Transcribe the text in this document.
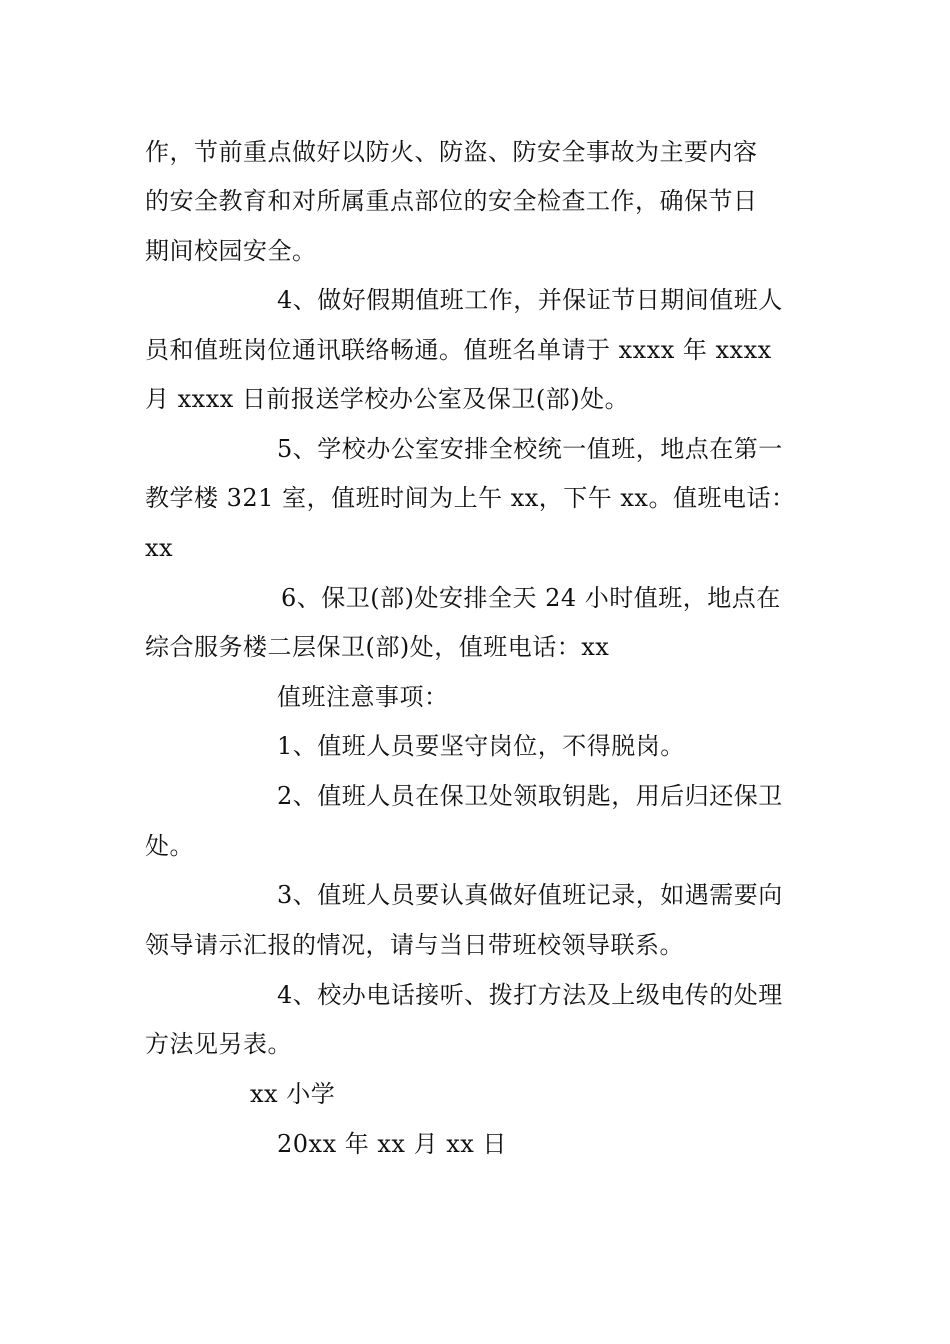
作，节前重点做好以防火、防盗、防安全事故为主要内容
的安全教育和对所属重点部位的安全检查工作，确保节日
期间校园安全。
4、做好假期值班工作，并保证节日期间值班人
员和值班岗位通讯联络畅通。值班名单请于 xxxx 年 xxxx
月 xxxx 日前报送学校办公室及保卫(部)处。
5、学校办公室安排全校统一值班，地点在第一
教学楼 321 室，值班时间为上午 xx，下午 xx。值班电话：
xx
6、保卫(部)处安排全天 24 小时值班，地点在
综合服务楼二层保卫(部)处，值班电话：xx
值班注意事项：
1、值班人员要坚守岗位，不得脱岗。
2、值班人员在保卫处领取钥匙，用后归还保卫
处。
3、值班人员要认真做好值班记录，如遇需要向
领导请示汇报的情况，请与当日带班校领导联系。
4、校办电话接听、拨打方法及上级电传的处理
方法见另表。
xx 小学
20xx 年 xx 月 xx 日
